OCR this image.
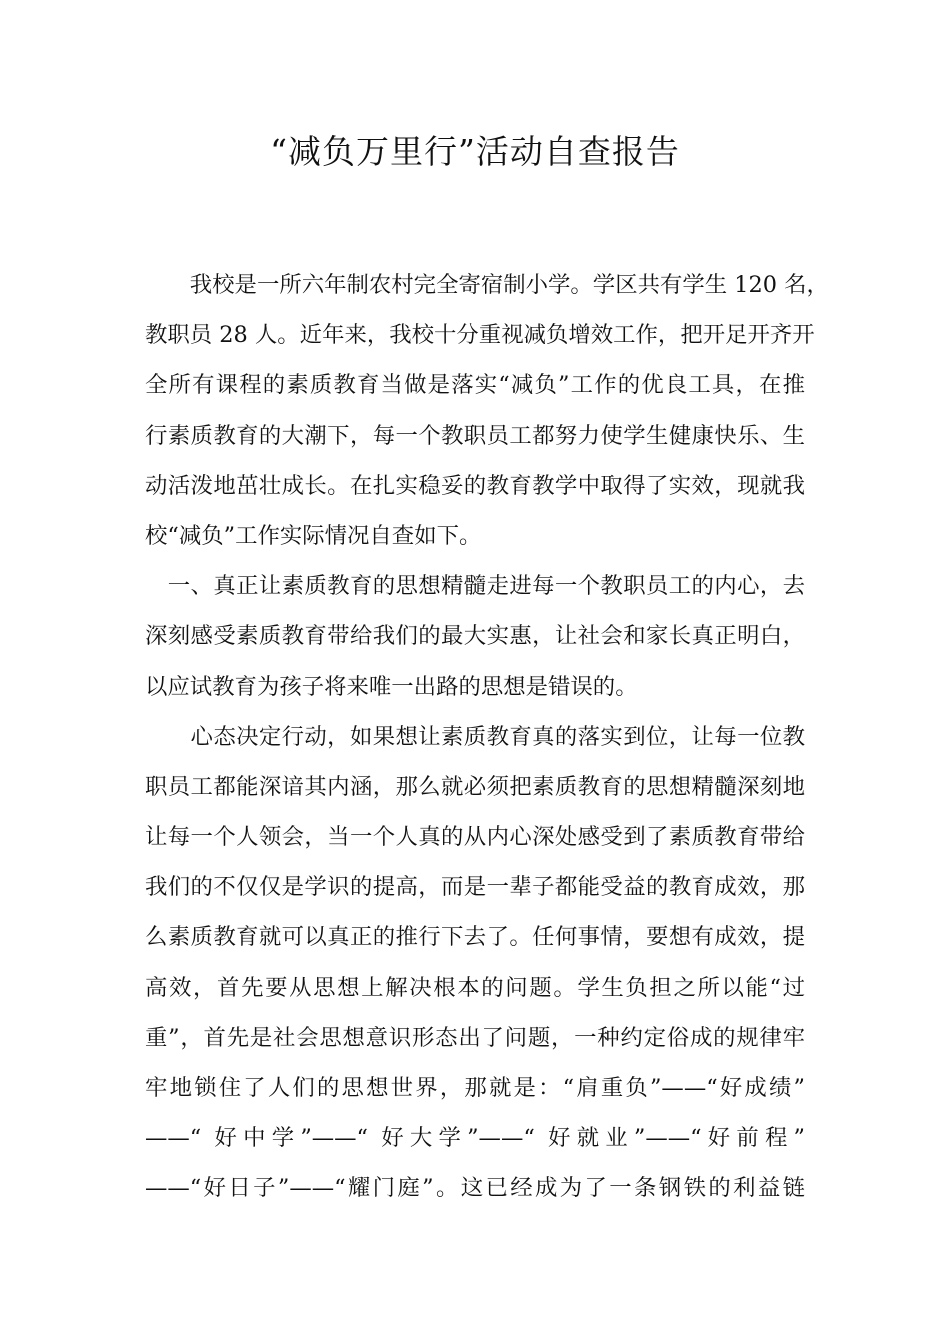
“减负万里行”活动自查报告
　　我校是一所六年制农村完全寄宿制小学。学区共有学生 120 名，
教职员 28 人。近年来，我校十分重视减负增效工作，把开足开齐开
全所有课程的素质教育当做是落实“减负”工作的优良工具，在推
行素质教育的大潮下，每一个教职员工都努力使学生健康快乐、生
动活泼地茁壮成长。在扎实稳妥的教育教学中取得了实效，现就我
校“减负”工作实际情况自查如下。
　一、真正让素质教育的思想精髓走进每一个教职员工的内心，去
深刻感受素质教育带给我们的最大实惠，让社会和家长真正明白，
以应试教育为孩子将来唯一出路的思想是错误的。
　　心态决定行动，如果想让素质教育真的落实到位，让每一位教
职员工都能深谙其内涵，那么就必须把素质教育的思想精髓深刻地
让每一个人领会，当一个人真的从内心深处感受到了素质教育带给
我们的不仅仅是学识的提高，而是一辈子都能受益的教育成效，那
么素质教育就可以真正的推行下去了。任何事情，要想有成效，提
高效，首先要从思想上解决根本的问题。学生负担之所以能“过
重”，首先是社会思想意识形态出了问题，一种约定俗成的规律牢
牢地锁住了人们的思想世界，那就是：“肩重负”——“好成绩”
——“ 好中学”——“ 好大学”——“ 好就业”——“好前程”
——“好日子”——“耀门庭”。这已经成为了一条钢铁的利益链
